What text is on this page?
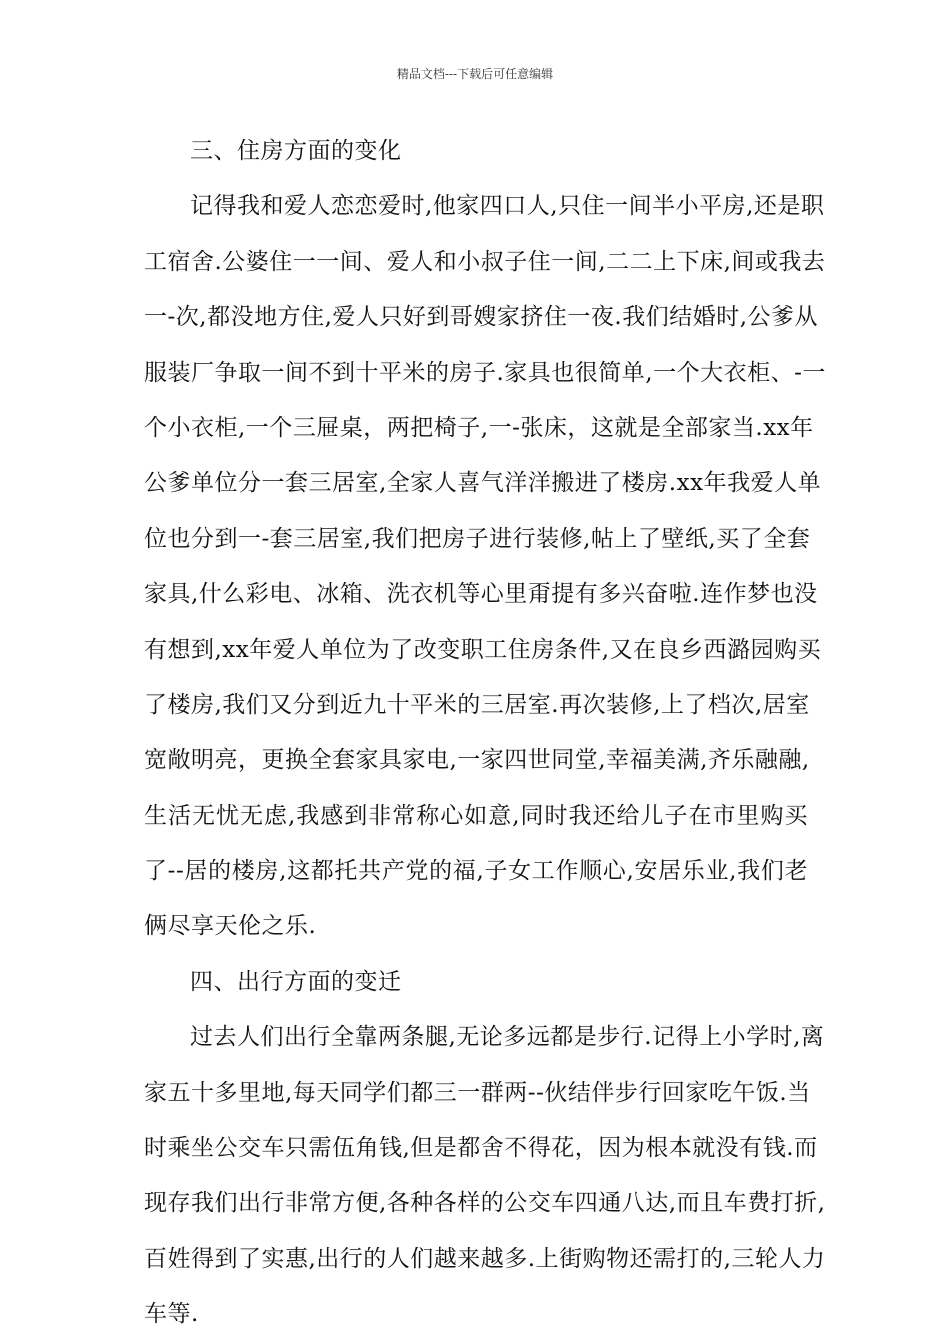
精品文档---下载后可任意编辑
三、住房方面的变化
记得我和爱人恋恋爱时,他家四口人,只住一间半小平房,还是职
工宿舍.公婆住一一间、爱人和小叔子住一间,二二上下床,间或我去
一-次,都没地方住,爱人只好到哥嫂家挤住一夜.我们结婚时,公爹从
服装厂争取一间不到十平米的房子.家具也很简单,一个大衣柜、-一
个小衣柜,一个三屉桌，两把椅子,一-张床，这就是全部家当.xx年
公爹单位分一套三居室,全家人喜气洋洋搬进了楼房.xx年我爱人单
位也分到一-套三居室,我们把房子进行装修,帖上了壁纸,买了全套
家具,什么彩电、冰箱、洗衣机等心里甭提有多兴奋啦.连作梦也没
有想到,xx年爱人单位为了改变职工住房条件,又在良乡西潞园购买
了楼房,我们又分到近九十平米的三居室.再次装修,上了档次,居室
宽敞明亮，更换全套家具家电,一家四世同堂,幸福美满,齐乐融融,
生活无忧无虑,我感到非常称心如意,同时我还给儿子在市里购买
了--居的楼房,这都托共产党的福,子女工作顺心,安居乐业,我们老
俩尽享天伦之乐.
四、出行方面的变迁
过去人们出行全靠两条腿,无论多远都是步行.记得上小学时,离
家五十多里地,每天同学们都三一群两--伙结伴步行回家吃午饭.当
时乘坐公交车只需伍角钱,但是都舍不得花，因为根本就没有钱.而
现存我们出行非常方便,各种各样的公交车四通八达,而且车费打折,
百姓得到了实惠,出行的人们越来越多.上街购物还需打的,三轮人力
车等.
